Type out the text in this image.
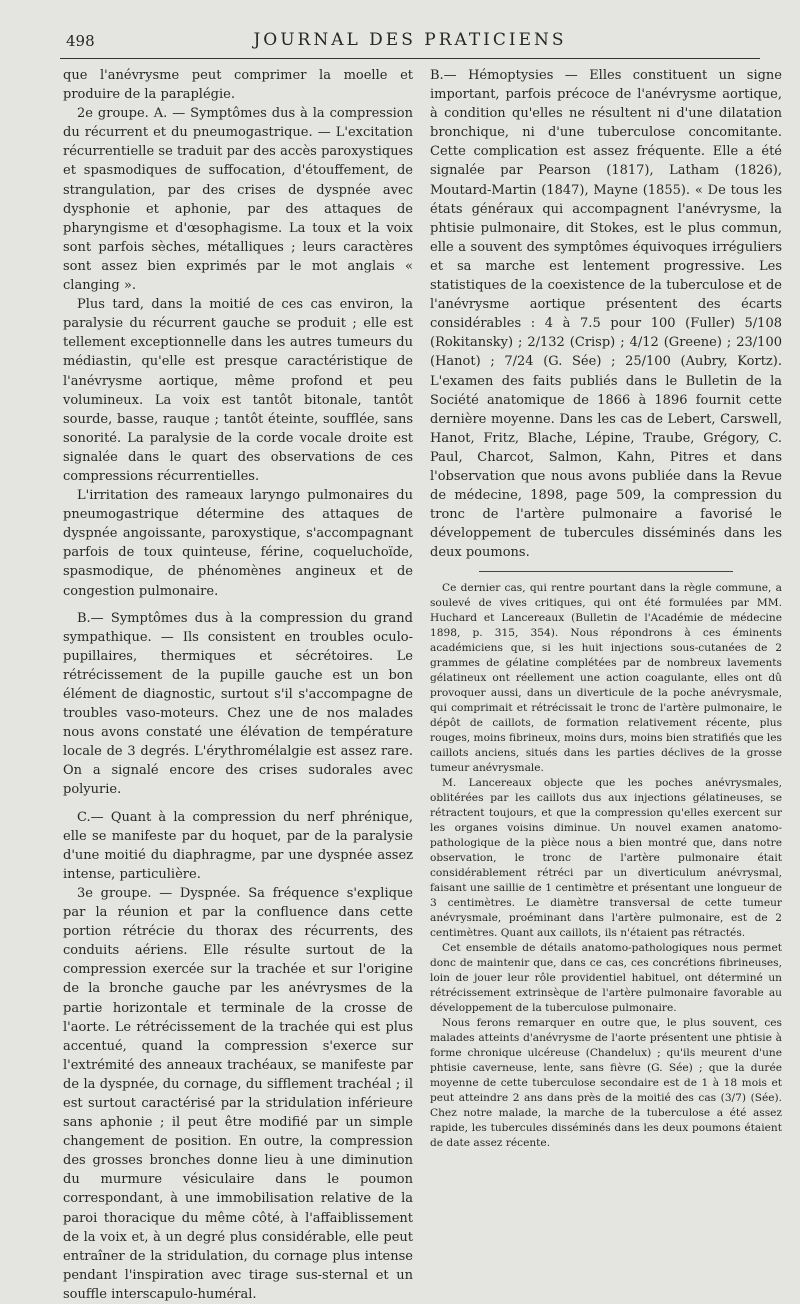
498	JOURNAL DES PRATICIENS

que l'anévrysme peut comprimer la moelle et produire de la paraplégie.

2e groupe. A. — Symptômes dus à la compression du récurrent et du pneumogastrique. — L'excitation récurrentielle se traduit par des accès paroxystiques et spasmodiques de suffocation, d'étouffement, de strangulation, par des crises de dyspnée avec dysphonie et aphonie, par des attaques de pharyngisme et d'œsophagisme. La toux et la voix sont parfois sèches, métalliques ; leurs caractères sont assez bien exprimés par le mot anglais « clanging ».

Plus tard, dans la moitié de ces cas environ, la paralysie du récurrent gauche se produit ; elle est tellement exceptionnelle dans les autres tumeurs du médiastin, qu'elle est presque caractéristique de l'anévrysme aortique, même profond et peu volumineux. La voix est tantôt bitonale, tantôt sourde, basse, rauque ; tantôt éteinte, soufflée, sans sonorité. La paralysie de la corde vocale droite est signalée dans le quart des observations de ces compressions récurrentielles.

L'irritation des rameaux laryngo pulmonaires du pneumogastrique détermine des attaques de dyspnée angoissante, paroxystique, s'accompagnant parfois de toux quinteuse, férine, coqueluchoïde, spasmodique, de phénomènes angineux et de congestion pulmonaire.

B.— Symptômes dus à la compression du grand sympathique. — Ils consistent en troubles oculo-pupillaires, thermiques et sécrétoires. Le rétrécissement de la pupille gauche est un bon élément de diagnostic, surtout s'il s'accompagne de troubles vaso-moteurs. Chez une de nos malades nous avons constaté une élévation de température locale de 3 degrés. L'érythromélalgie est assez rare. On a signalé encore des crises sudorales avec polyurie.

C.— Quant à la compression du nerf phrénique, elle se manifeste par du hoquet, par de la paralysie d'une moitié du diaphragme, par une dyspnée assez intense, particulière.

3e groupe. — Dyspnée. Sa fréquence s'explique par la réunion et par la confluence dans cette portion rétrécie du thorax des récurrents, des conduits aériens. Elle résulte surtout de la compression exercée sur la trachée et sur l'origine de la bronche gauche par les anévrysmes de la partie horizontale et terminale de la crosse de l'aorte. Le rétrécissement de la trachée qui est plus accentué, quand la compression s'exerce sur l'extrémité des anneaux trachéaux, se manifeste par de la dyspnée, du cornage, du sifflement trachéal ; il est surtout caractérisé par la stridulation inférieure sans aphonie ; il peut être modifié par un simple changement de position. En outre, la compression des grosses bronches donne lieu à une diminution du murmure vésiculaire dans le poumon correspondant, à une immobilisation relative de la paroi thoracique du même côté, à l'affaiblissement de la voix et, à un degré plus considérable, elle peut entraîner de la stridulation, du cornage plus intense pendant l'inspiration avec tirage sus-sternal et un souffle interscapulo-huméral.

B.— Hémoptysies — Elles constituent un signe important, parfois précoce de l'anévrysme aortique, à condition qu'elles ne résultent ni d'une dilatation bronchique, ni d'une tuberculose concomitante. Cette complication est assez fréquente. Elle a été signalée par Pearson (1817), Latham (1826), Moutard-Martin (1847), Mayne (1855). « De tous les états généraux qui accompagnent l'anévrysme, la phtisie pulmonaire, dit Stokes, est le plus commun, elle a souvent des symptômes équivoques irréguliers et sa marche est lentement progressive. Les statistiques de la coexistence de la tuberculose et de l'anévrysme aortique présentent des écarts considérables : 4 à 7.5 pour 100 (Fuller) 5/108 (Rokitansky) ; 2/132 (Crisp) ; 4/12 (Greene) ; 23/100 (Hanot) ; 7/24 (G. Sée) ; 25/100 (Aubry, Kortz). L'examen des faits publiés dans le Bulletin de la Société anatomique de 1866 à 1896 fournit cette dernière moyenne. Dans les cas de Lebert, Carswell, Hanot, Fritz, Blache, Lépine, Traube, Grégory, C. Paul, Charcot, Salmon, Kahn, Pitres et dans l'observation que nous avons publiée dans la Revue de médecine, 1898, page 509, la compression du tronc de l'artère pulmonaire a favorisé le développement de tubercules disséminés dans les deux poumons.

Ce dernier cas, qui rentre pourtant dans la règle commune, a soulevé de vives critiques, qui ont été formulées par MM. Huchard et Lancereaux (Bulletin de l'Académie de médecine 1898, p. 315, 354). Nous répondrons à ces éminents académiciens que, si les huit injections sous-cutanées de 2 grammes de gélatine complétées par de nombreux lavements gélatineux ont réellement une action coagulante, elles ont dû provoquer aussi, dans un diverticule de la poche anévrysmale, qui comprimait et rétrécissait le tronc de l'artère pulmonaire, le dépôt de caillots, de formation relativement récente, plus rouges, moins fibrineux, moins durs, moins bien stratifiés que les caillots anciens, situés dans les parties déclives de la grosse tumeur anévrysmale.

M. Lancereaux objecte que les poches anévrysmales, oblitérées par les caillots dus aux injections gélatineuses, se rétractent toujours, et que la compression qu'elles exercent sur les organes voisins diminue. Un nouvel examen anatomo-pathologique de la pièce nous a bien montré que, dans notre observation, le tronc de l'artère pulmonaire était considérablement rétréci par un diverticulum anévrysmal, faisant une saillie de 1 centimètre et présentant une longueur de 3 centimètres. Le diamètre transversal de cette tumeur anévrysmale, proéminant dans l'artère pulmonaire, est de 2 centimètres. Quant aux caillots, ils n'étaient pas rétractés.

Cet ensemble de détails anatomo-pathologiques nous permet donc de maintenir que, dans ce cas, ces concrétions fibrineuses, loin de jouer leur rôle providentiel habituel, ont déterminé un rétrécissement extrinsèque de l'artère pulmonaire favorable au développement de la tuberculose pulmonaire.

Nous ferons remarquer en outre que, le plus souvent, ces malades atteints d'anévrysme de l'aorte présentent une phtisie à forme chronique ulcéreuse (Chandelux) ; qu'ils meurent d'une phtisie caverneuse, lente, sans fièvre (G. Sée) ; que la durée moyenne de cette tuberculose secondaire est de 1 à 18 mois et peut atteindre 2 ans dans près de la moitié des cas (3/7) (Sée). Chez notre malade, la marche de la tuberculose a été assez rapide, les tubercules disséminés dans les deux poumons étaient de date assez récente.
